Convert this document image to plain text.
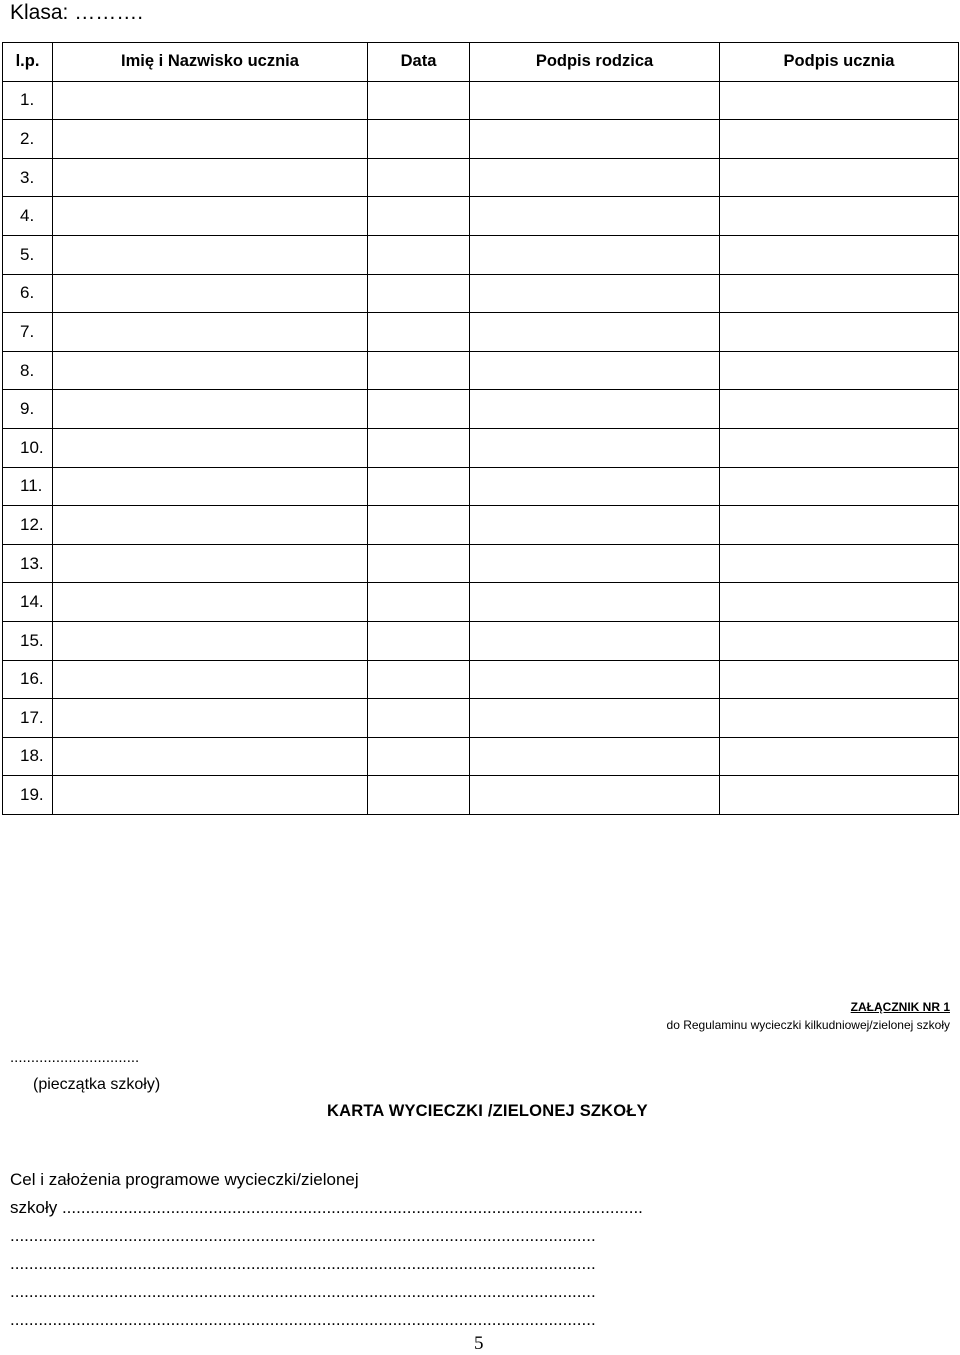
Klasa: ……….
l.p.	Imię i Nazwisko ucznia	Data	Podpis rodzica	Podpis ucznia
1.				
2.				
3.				
4.				
5.				
6.				
7.				
8.				
9.				
10.				
11.				
12.				
13.				
14.				
15.				
16.				
17.				
18.				
19.				
ZAŁĄCZNIK NR 1
do Regulaminu wycieczki kilkudniowej/zielonej szkoły
...............................
(pieczątka szkoły)
KARTA WYCIECZKI /ZIELONEJ SZKOŁY
Cel i założenia programowe wycieczki/zielonej
szkoły ...........................................................................................................................
............................................................................................................................
............................................................................................................................
............................................................................................................................
............................................................................................................................
5
